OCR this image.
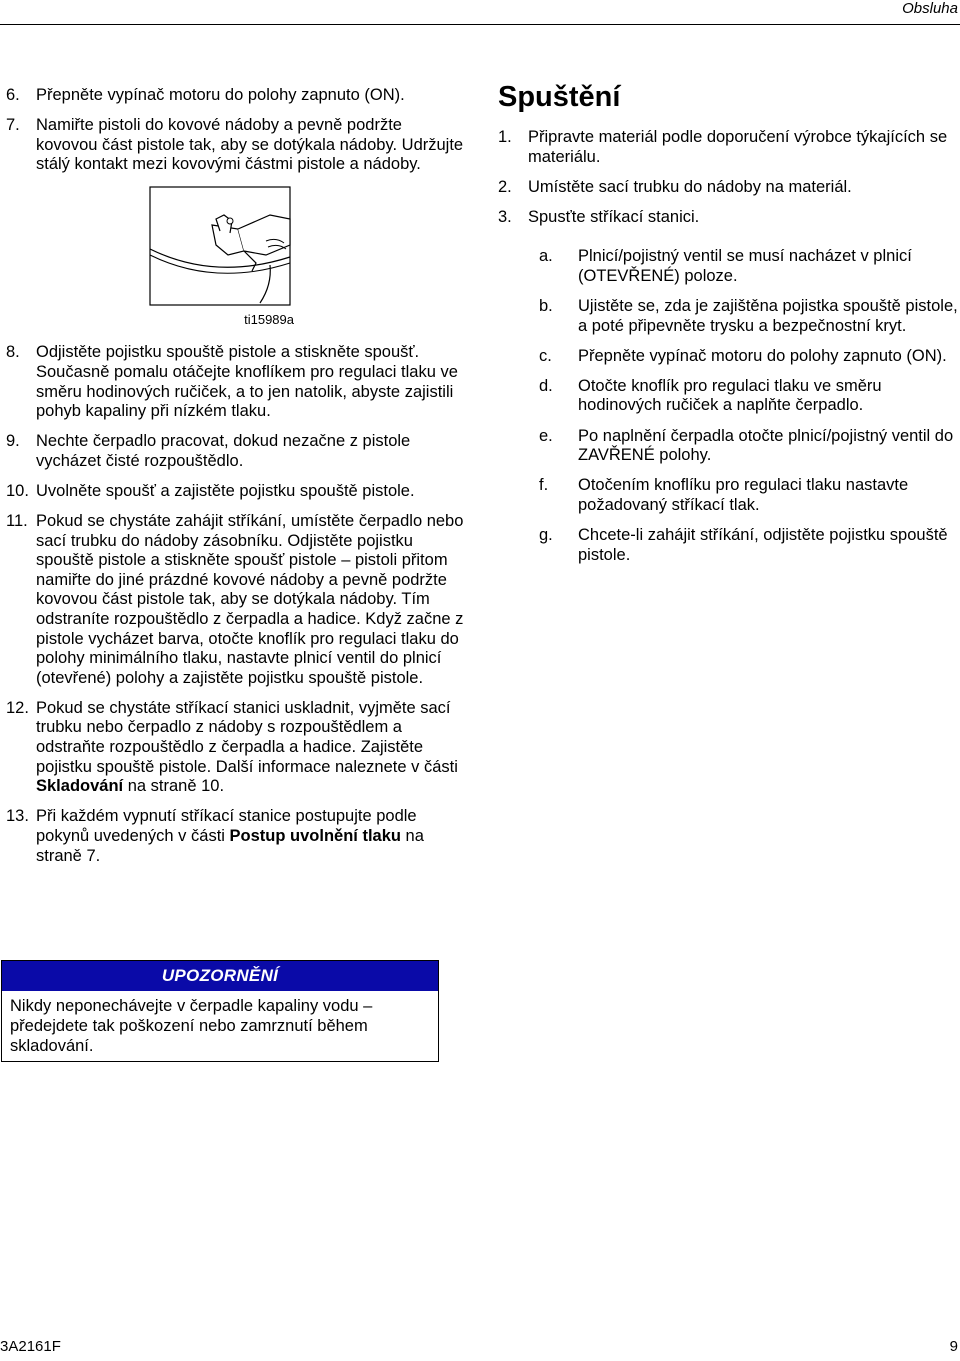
Obsluha
6. Přepněte vypínač motoru do polohy zapnuto (ON).
7. Namiřte pistoli do kovové nádoby a pevně podržte kovovou část pistole tak, aby se dotýkala nádoby. Udržujte stálý kontakt mezi kovovými částmi pistole a nádoby.
ti15989a
8. Odjistěte pojistku spouště pistole a stiskněte spoušť. Současně pomalu otáčejte knoflíkem pro regulaci tlaku ve směru hodinových ručiček, a to jen natolik, abyste zajistili pohyb kapaliny při nízkém tlaku.
9. Nechte čerpadlo pracovat, dokud nezačne z pistole vycházet čisté rozpouštědlo.
10. Uvolněte spoušť a zajistěte pojistku spouště pistole.
11. Pokud se chystáte zahájit stříkání, umístěte čerpadlo nebo sací trubku do nádoby zásobníku. Odjistěte pojistku spouště pistole a stiskněte spoušť pistole – pistoli přitom namiřte do jiné prázdné kovové nádoby a pevně podržte kovovou část pistole tak, aby se dotýkala nádoby. Tím odstraníte rozpouštědlo z čerpadla a hadice. Když začne z pistole vycházet barva, otočte knoflík pro regulaci tlaku do polohy minimálního tlaku, nastavte plnicí ventil do plnicí (otevřené) polohy a zajistěte pojistku spouště pistole.
12. Pokud se chystáte stříkací stanici uskladnit, vyjměte sací trubku nebo čerpadlo z nádoby s rozpouštědlem a odstraňte rozpouštědlo z čerpadla a hadice. Zajistěte pojistku spouště pistole. Další informace naleznete v části Skladování na straně 10.
13. Při každém vypnutí stříkací stanice postupujte podle pokynů uvedených v části Postup uvolnění tlaku na straně 7.
UPOZORNĚNÍ
Nikdy neponechávejte v čerpadle kapaliny vodu – předejdete tak poškození nebo zamrznutí během skladování.
Spuštění
1. Připravte materiál podle doporučení výrobce týkajících se materiálu.
2. Umístěte sací trubku do nádoby na materiál.
3. Spusťte stříkací stanici.
a. Plnicí/pojistný ventil se musí nacházet v plnicí (OTEVŘENÉ) poloze.
b. Ujistěte se, zda je zajištěna pojistka spouště pistole, a poté připevněte trysku a bezpečnostní kryt.
c. Přepněte vypínač motoru do polohy zapnuto (ON).
d. Otočte knoflík pro regulaci tlaku ve směru hodinových ručiček a naplňte čerpadlo.
e. Po naplnění čerpadla otočte plnicí/pojistný ventil do ZAVŘENÉ polohy.
f. Otočením knoflíku pro regulaci tlaku nastavte požadovaný stříkací tlak.
g. Chcete-li zahájit stříkání, odjistěte pojistku spouště pistole.
3A2161F	9
